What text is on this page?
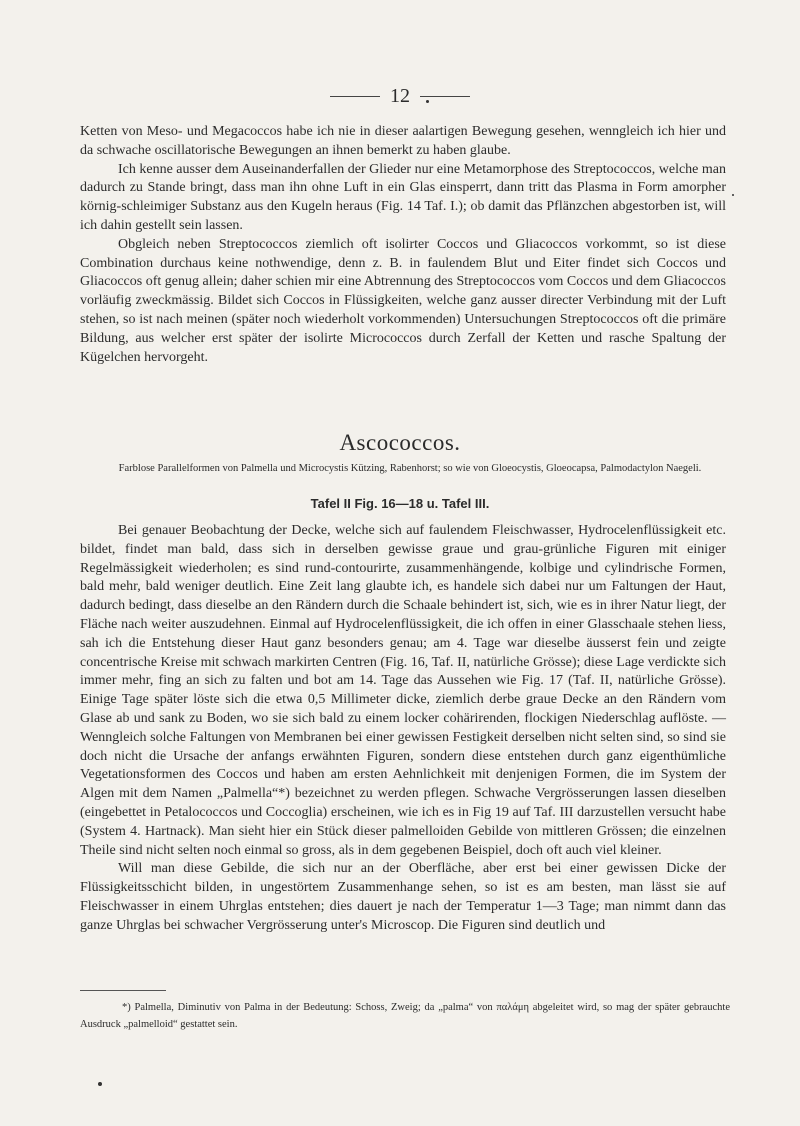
12

Ketten von Meso- und Megacoccos habe ich nie in dieser aalartigen Bewegung gesehen, wenngleich ich hier und da schwache oscillatorische Bewegungen an ihnen bemerkt zu haben glaube.

Ich kenne ausser dem Auseinanderfallen der Glieder nur eine Metamorphose des Streptococcos, welche man dadurch zu Stande bringt, dass man ihn ohne Luft in ein Glas einsperrt, dann tritt das Plasma in Form amorpher körnig-schleimiger Substanz aus den Kugeln heraus (Fig. 14 Taf. I.); ob damit das Pflänzchen abgestorben ist, will ich dahin gestellt sein lassen.

Obgleich neben Streptococcos ziemlich oft isolirter Coccos und Gliacoccos vorkommt, so ist diese Combination durchaus keine nothwendige, denn z. B. in faulendem Blut und Eiter findet sich Coccos und Gliacoccos oft genug allein; daher schien mir eine Abtrennung des Streptococcos vom Coccos und dem Gliacoccos vorläufig zweckmässig. Bildet sich Coccos in Flüssigkeiten, welche ganz ausser directer Verbindung mit der Luft stehen, so ist nach meinen (später noch wiederholt vorkommenden) Untersuchungen Streptococcos oft die primäre Bildung, aus welcher erst später der isolirte Micrococcos durch Zerfall der Ketten und rasche Spaltung der Kügelchen hervorgeht.

Ascococcos.
Farblose Parallelformen von Palmella und Microcystis Kützing, Rabenhorst; so wie von Gloeocystis, Gloeocapsa, Palmodactylon Naegeli.
Tafel II Fig. 16—18 u. Tafel III.

Bei genauer Beobachtung der Decke, welche sich auf faulendem Fleischwasser, Hydrocelenflüssigkeit etc. bildet, findet man bald, dass sich in derselben gewisse graue und grau-grünliche Figuren mit einiger Regelmässigkeit wiederholen; es sind rund-contourirte, zusammenhängende, kolbige und cylindrische Formen, bald mehr, bald weniger deutlich. Eine Zeit lang glaubte ich, es handele sich dabei nur um Faltungen der Haut, dadurch bedingt, dass dieselbe an den Rändern durch die Schaale behindert ist, sich, wie es in ihrer Natur liegt, der Fläche nach weiter auszudehnen. Einmal auf Hydrocelenflüssigkeit, die ich offen in einer Glasschaale stehen liess, sah ich die Entstehung dieser Haut ganz besonders genau; am 4. Tage war dieselbe äusserst fein und zeigte concentrische Kreise mit schwach markirten Centren (Fig. 16, Taf. II, natürliche Grösse); diese Lage verdickte sich immer mehr, fing an sich zu falten und bot am 14. Tage das Aussehen wie Fig. 17 (Taf. II, natürliche Grösse). Einige Tage später löste sich die etwa 0,5 Millimeter dicke, ziemlich derbe graue Decke an den Rändern vom Glase ab und sank zu Boden, wo sie sich bald zu einem locker cohärirenden, flockigen Niederschlag auflöste. — Wenngleich solche Faltungen von Membranen bei einer gewissen Festigkeit derselben nicht selten sind, so sind sie doch nicht die Ursache der anfangs erwähnten Figuren, sondern diese entstehen durch ganz eigenthümliche Vegetationsformen des Coccos und haben am ersten Aehnlichkeit mit denjenigen Formen, die im System der Algen mit dem Namen „Palmella“*) bezeichnet zu werden pflegen. Schwache Vergrösserungen lassen dieselben (eingebettet in Petalococcos und Coccoglia) erscheinen, wie ich es in Fig 19 auf Taf. III darzustellen versucht habe (System 4. Hartnack). Man sieht hier ein Stück dieser palmelloiden Gebilde von mittleren Grössen; die einzelnen Theile sind nicht selten noch einmal so gross, als in dem gegebenen Beispiel, doch oft auch viel kleiner.

Will man diese Gebilde, die sich nur an der Oberfläche, aber erst bei einer gewissen Dicke der Flüssigkeitsschicht bilden, in ungestörtem Zusammenhange sehen, so ist es am besten, man lässt sie auf Fleischwasser in einem Uhrglas entstehen; dies dauert je nach der Temperatur 1—3 Tage; man nimmt dann das ganze Uhrglas bei schwacher Vergrösserung unter's Microscop. Die Figuren sind deutlich und

*) Palmella, Diminutiv von Palma in der Bedeutung: Schoss, Zweig; da „palma“ von παλάμη abgeleitet wird, so mag der später gebrauchte Ausdruck „palmelloid“ gestattet sein.
